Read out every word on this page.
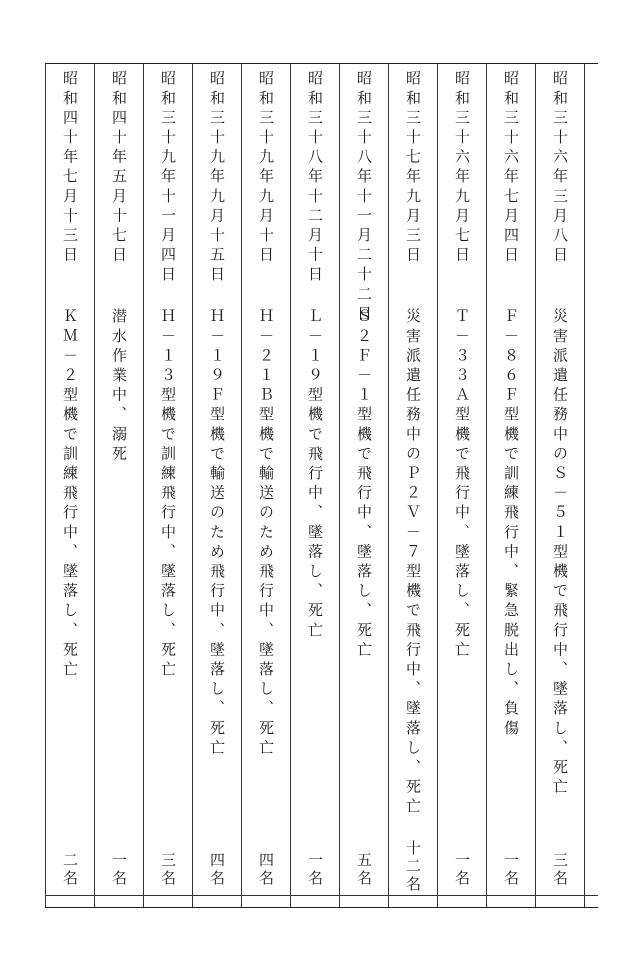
昭和三十六年三月八日
災害派遣任務中のＳ－５１型機で飛行中、墜落し、死亡
三名
昭和三十六年七月四日
Ｆ－８６Ｆ型機で訓練飛行中、緊急脱出し、負傷
一名
昭和三十六年九月七日
Ｔ－３３Ａ型機で飛行中、墜落し、死亡
一名
昭和三十七年九月三日
災害派遣任務中のＰ２Ｖ－７型機で飛行中、墜落し、死亡
十二名
昭和三十八年十一月二十二日
Ｓ２Ｆ－１型機で飛行中、墜落し、死亡
五名
昭和三十八年十二月十日
Ｌ－１９型機で飛行中、墜落し、死亡
一名
昭和三十九年九月十日
Ｈ－２１Ｂ型機で輸送のため飛行中、墜落し、死亡
四名
昭和三十九年九月十五日
Ｈ－１９Ｆ型機で輸送のため飛行中、墜落し、死亡
四名
昭和三十九年十一月四日
Ｈ－１３型機で訓練飛行中、墜落し、死亡
三名
昭和四十年五月十七日
潜水作業中、溺死
一名
昭和四十年七月十三日
ＫＭ－２型機で訓練飛行中、墜落し、死亡
二名
